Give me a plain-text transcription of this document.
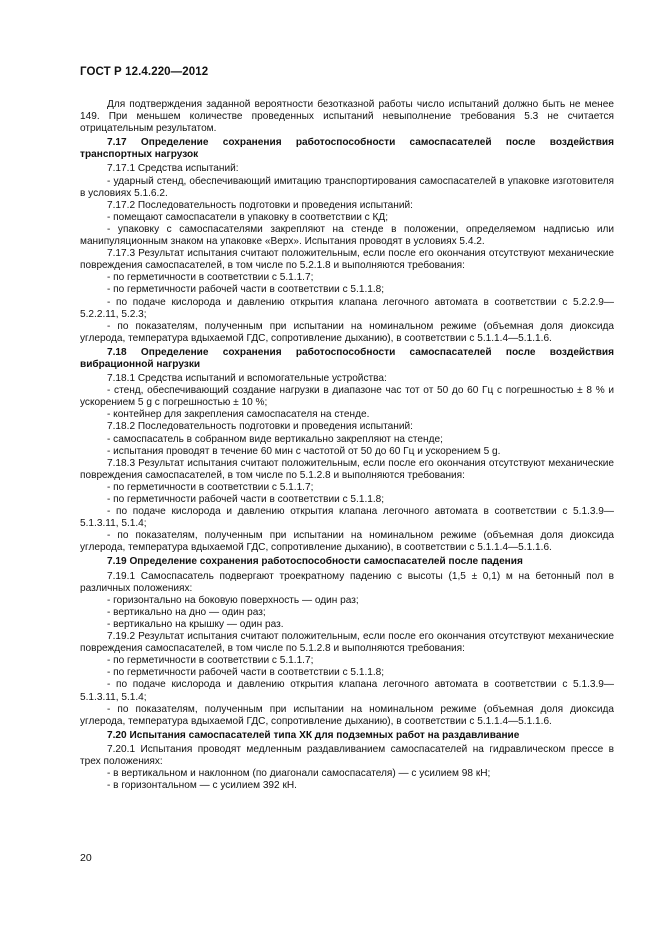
ГОСТ Р 12.4.220—2012

Для подтверждения заданной вероятности безотказной работы число испытаний должно быть не менее 149. При меньшем количестве проведенных испытаний невыполнение требования 5.3 не считается отрицательным результатом.

7.17 Определение сохранения работоспособности самоспасателей после воздействия транспортных нагрузок

7.17.1 Средства испытаний:

- ударный стенд, обеспечивающий имитацию транспортирования самоспасателей в упаковке изготовителя в условиях 5.1.6.2.

7.17.2 Последовательность подготовки и проведения испытаний:

- помещают самоспасатели в упаковку в соответствии с КД;

- упаковку с самоспасателями закрепляют на стенде в положении, определяемом надписью или манипуляционным знаком на упаковке «Верх». Испытания проводят в условиях 5.4.2.

7.17.3 Результат испытания считают положительным, если после его окончания отсутствуют механические повреждения самоспасателей, в том числе по 5.2.1.8 и выполняются требования:

- по герметичности в соответствии с 5.1.1.7;

- по герметичности рабочей части в соответствии с 5.1.1.8;

- по подаче кислорода и давлению открытия клапана легочного автомата в соответствии с 5.2.2.9—5.2.2.11, 5.2.3;

- по показателям, полученным при испытании на номинальном режиме (объемная доля диоксида углерода, температура вдыхаемой ГДС, сопротивление дыханию), в соответствии с 5.1.1.4—5.1.1.6.

7.18 Определение сохранения работоспособности самоспасателей после воздействия вибрационной нагрузки

7.18.1 Средства испытаний и вспомогательные устройства:

- стенд, обеспечивающий создание нагрузки в диапазоне час тот от 50 до 60 Гц с погрешностью ± 8 % и ускорением 5 g с погрешностью ± 10 %;

- контейнер для закрепления самоспасателя на стенде.

7.18.2 Последовательность подготовки и проведения испытаний:

- самоспасатель в собранном виде вертикально закрепляют на стенде;

- испытания проводят в течение 60 мин с частотой от 50 до 60 Гц и ускорением 5 g.

7.18.3 Результат испытания считают положительным, если после его окончания отсутствуют механические повреждения самоспасателей, в том числе по 5.1.2.8 и выполняются требования:

- по герметичности в соответствии с 5.1.1.7;

- по герметичности рабочей части в соответствии с 5.1.1.8;

- по подаче кислорода и давлению открытия клапана легочного автомата в соответствии с 5.1.3.9—5.1.3.11, 5.1.4;

- по показателям, полученным при испытании на номинальном режиме (объемная доля диоксида углерода, температура вдыхаемой ГДС, сопротивление дыханию), в соответствии с 5.1.1.4—5.1.1.6.

7.19 Определение сохранения работоспособности самоспасателей после падения

7.19.1 Самоспасатель подвергают троекратному падению с высоты (1,5 ± 0,1) м на бетонный пол в различных положениях:

- горизонтально на боковую поверхность — один раз;

- вертикально на дно — один раз;

- вертикально на крышку — один раз.

7.19.2 Результат испытания считают положительным, если после его окончания отсутствуют механические повреждения самоспасателей, в том числе по 5.1.2.8 и выполняются требования:

- по герметичности в соответствии с 5.1.1.7;

- по герметичности рабочей части в соответствии с 5.1.1.8;

- по подаче кислорода и давлению открытия клапана легочного автомата в соответствии с 5.1.3.9—5.1.3.11, 5.1.4;

- по показателям, полученным при испытании на номинальном режиме (объемная доля диоксида углерода, температура вдыхаемой ГДС, сопротивление дыханию), в соответствии с 5.1.1.4—5.1.1.6.

7.20 Испытания самоспасателей типа ХК для подземных работ на раздавливание

7.20.1 Испытания проводят медленным раздавливанием самоспасателей на гидравлическом прессе в трех положениях:

- в вертикальном и наклонном (по диагонали самоспасателя) — с усилием 98 кН;

- в горизонтальном — с усилием 392 кН.

20
